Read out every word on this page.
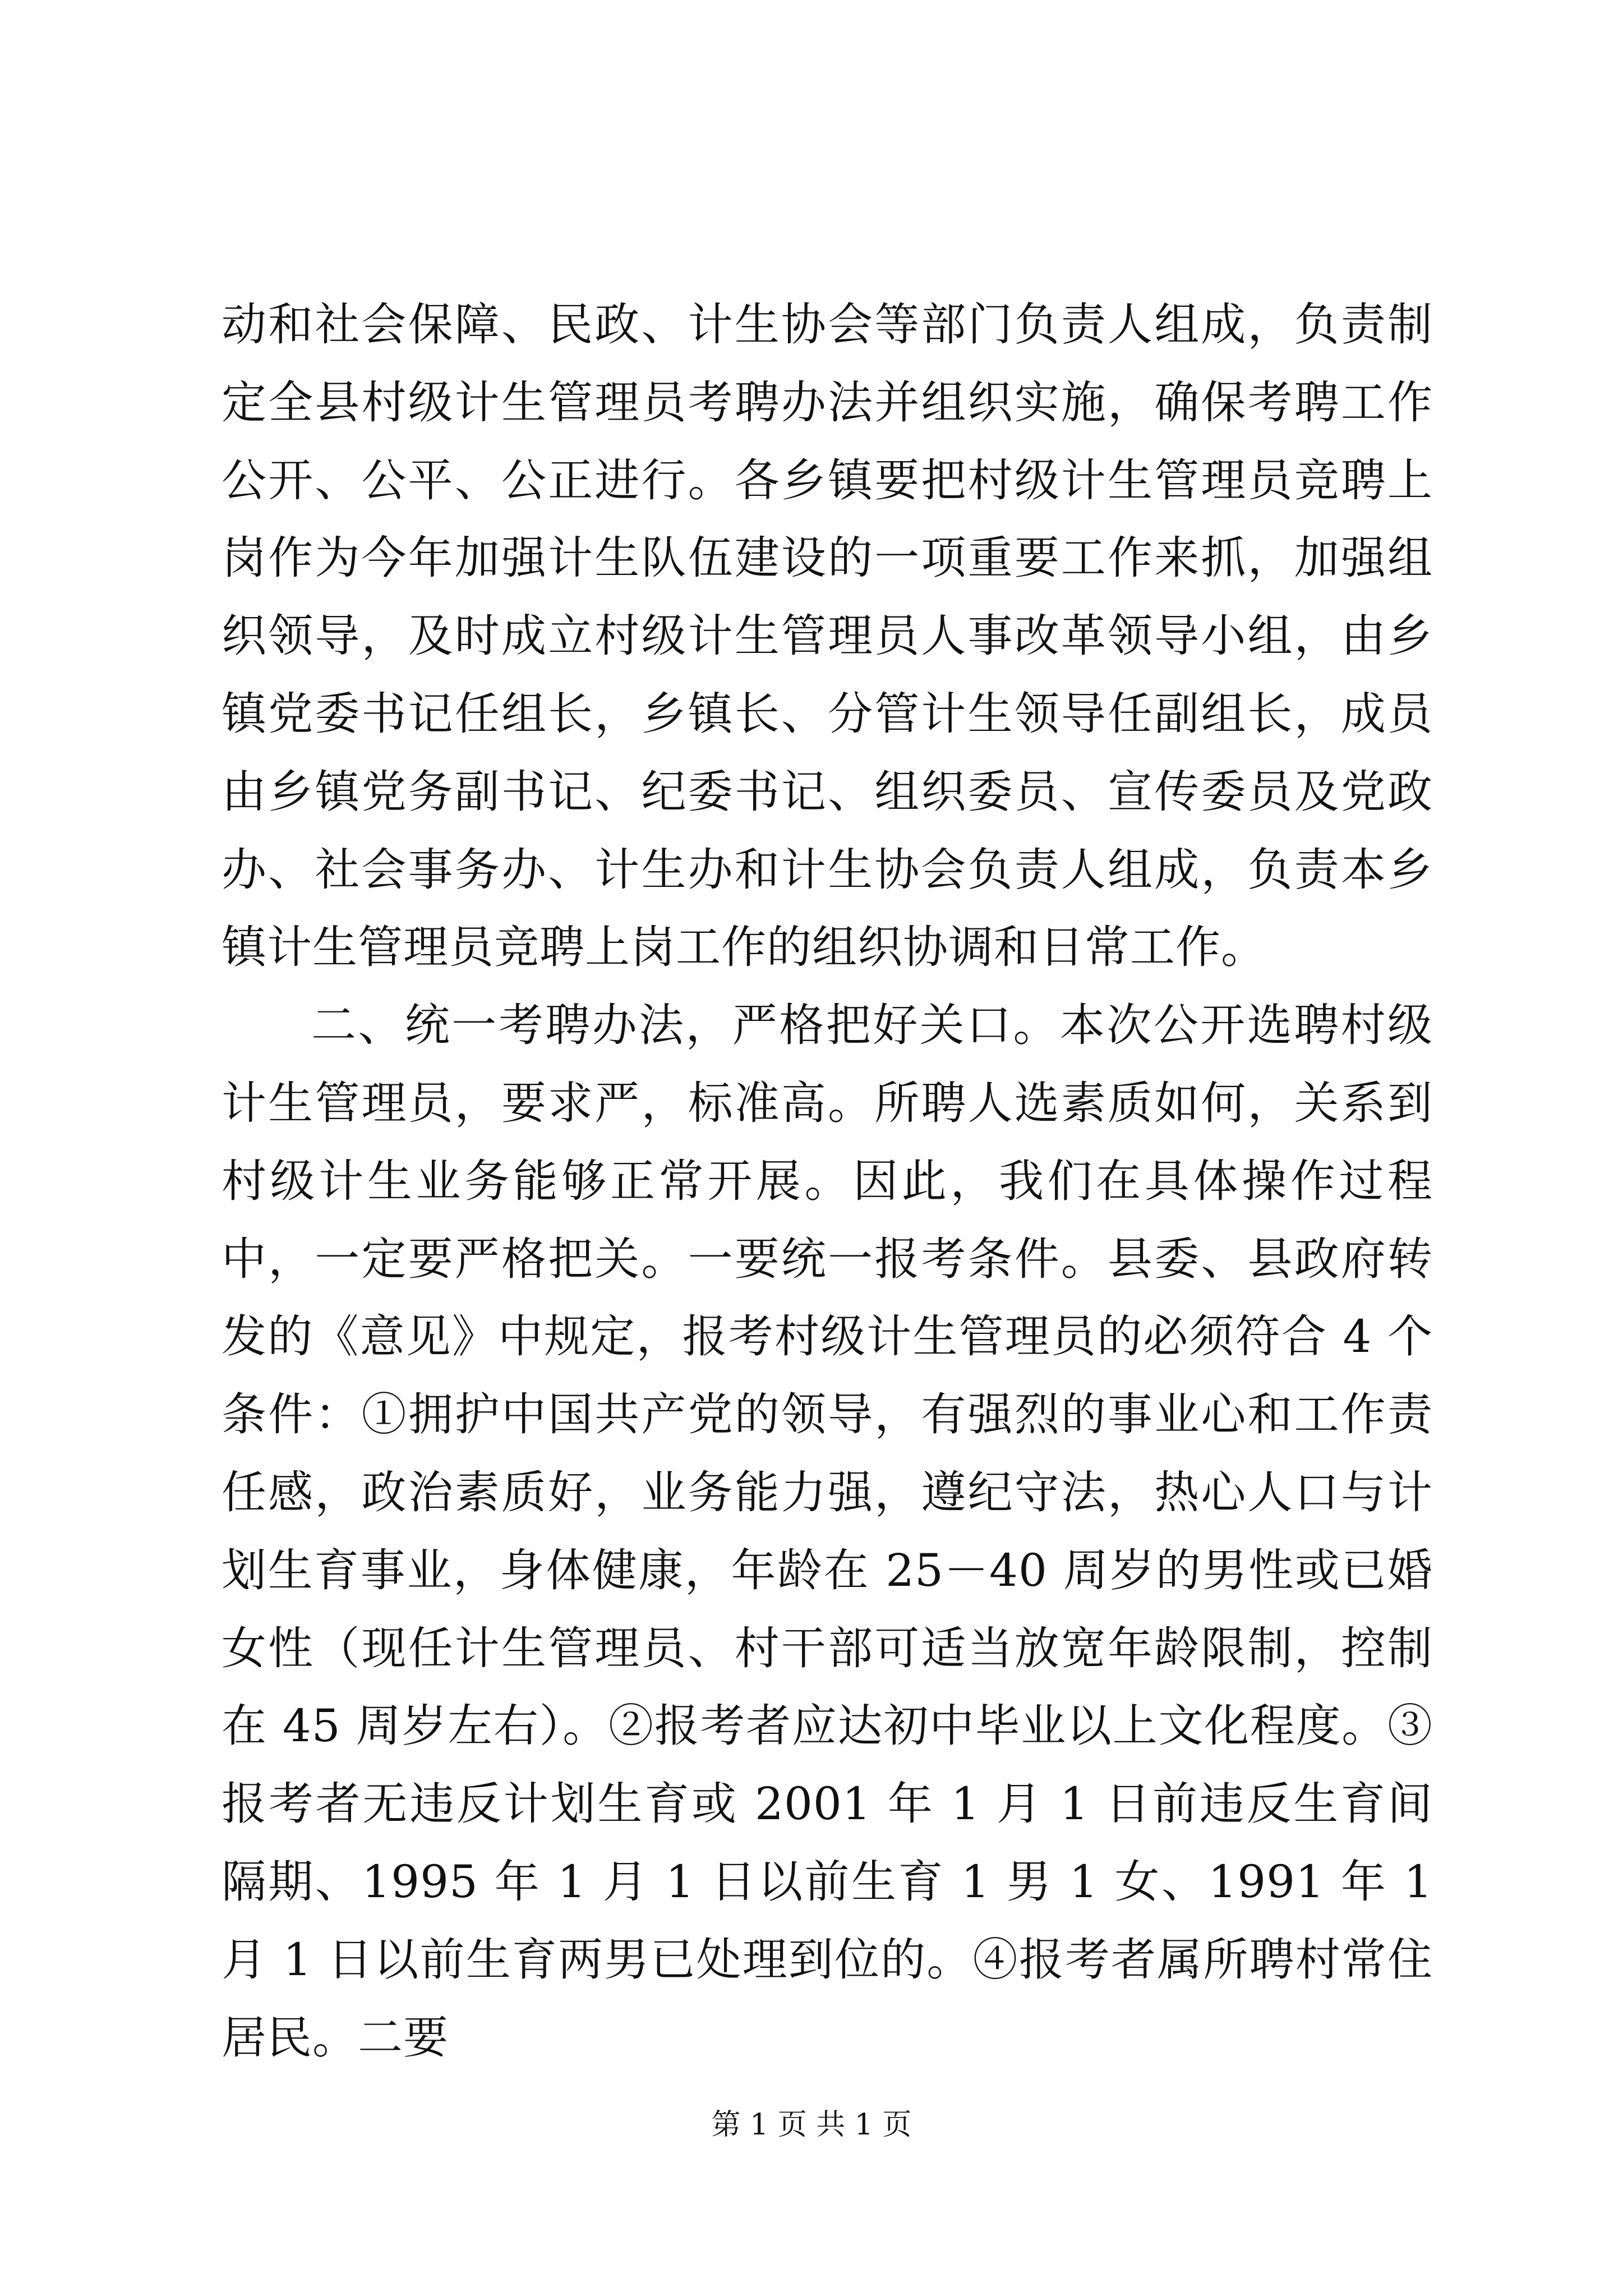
动和社会保障、民政、计生协会等部门负责人组成，负责制定全县村级计生管理员考聘办法并组织实施，确保考聘工作公开、公平、公正进行。各乡镇要把村级计生管理员竞聘上岗作为今年加强计生队伍建设的一项重要工作来抓，加强组织领导，及时成立村级计生管理员人事改革领导小组，由乡镇党委书记任组长，乡镇长、分管计生领导任副组长，成员由乡镇党务副书记、纪委书记、组织委员、宣传委员及党政办、社会事务办、计生办和计生协会负责人组成，负责本乡镇计生管理员竞聘上岗工作的组织协调和日常工作。

二、统一考聘办法，严格把好关口。本次公开选聘村级计生管理员，要求严，标准高。所聘人选素质如何，关系到村级计生业务能够正常开展。因此，我们在具体操作过程中，一定要严格把关。一要统一报考条件。县委、县政府转发的《意见》中规定，报考村级计生管理员的必须符合 4 个条件：①拥护中国共产党的领导，有强烈的事业心和工作责任感，政治素质好，业务能力强，遵纪守法，热心人口与计划生育事业，身体健康，年龄在 25－40 周岁的男性或已婚女性（现任计生管理员、村干部可适当放宽年龄限制，控制在 45 周岁左右）。②报考者应达初中毕业以上文化程度。③报考者无违反计划生育或 2001 年 1 月 1 日前违反生育间隔期、1995 年 1 月 1 日以前生育 1 男 1 女、1991 年 1 月 1 日以前生育两男已处理到位的。④报考者属所聘村常住居民。二要

第 1 页 共 1 页
